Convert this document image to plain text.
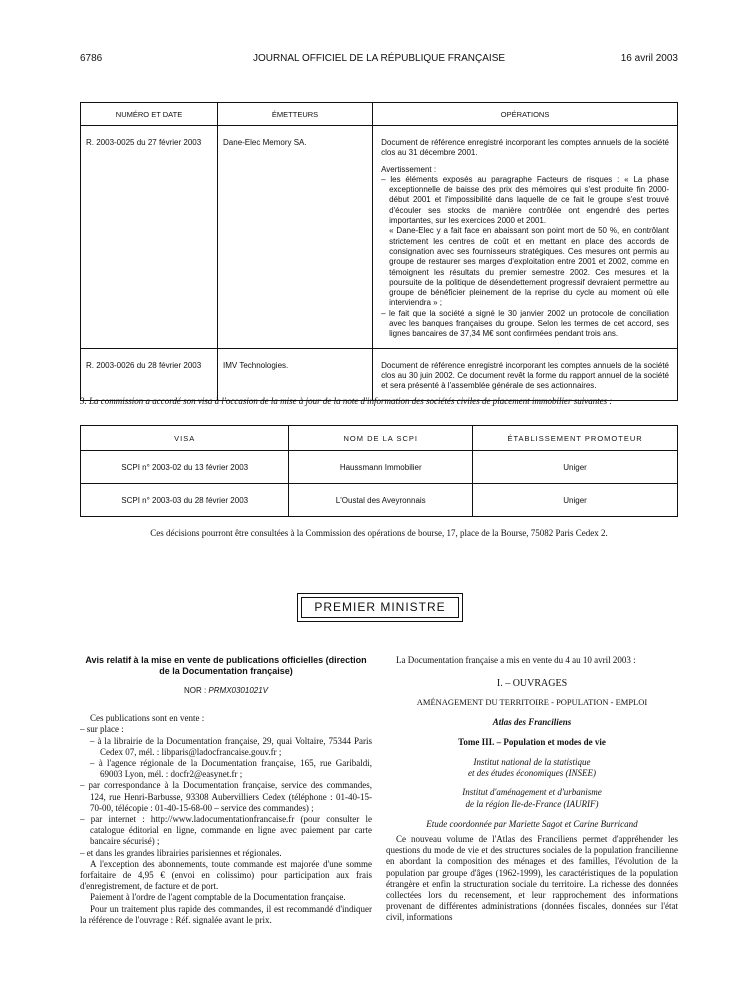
6786	JOURNAL OFFICIEL DE LA RÉPUBLIQUE FRANÇAISE	16 avril 2003
NUMÉRO ET DATE	ÉMETTEURS	OPÉRATIONS

R. 2003-0025 du 27 février 2003	Dane-Elec Memory SA.	Document de référence enregistré incorporant les comptes annuels de la société clos au 31 décembre 2001.

Avertissement :

– les éléments exposés au paragraphe Facteurs de risques : « La phase exceptionnelle de baisse des prix des mémoires qui s'est produite fin 2000-début 2001 et l'impossibilité dans laquelle de ce fait le groupe s'est trouvé d'écouler ses stocks de manière contrôlée ont engendré des pertes importantes, sur les exercices 2000 et 2001.

« Dane-Elec y a fait face en abaissant son point mort de 50 %, en contrôlant strictement les centres de coût et en mettant en place des accords de consignation avec ses fournisseurs stratégiques. Ces mesures ont permis au groupe de restaurer ses marges d'exploitation entre 2001 et 2002, comme en témoignent les résultats du premier semestre 2002. Ces mesures et la poursuite de la politique de désendettement progressif devraient permettre au groupe de bénéficier pleinement de la reprise du cycle au moment où elle interviendra » ;

– le fait que la société a signé le 30 janvier 2002 un protocole de conciliation avec les banques françaises du groupe. Selon les termes de cet accord, ses lignes bancaires de 37,34 M€ sont confirmées pendant trois ans.

R. 2003-0026 du 28 février 2003	IMV Technologies.	Document de référence enregistré incorporant les comptes annuels de la société clos au 30 juin 2002. Ce document revêt la forme du rapport annuel de la société et sera présenté à l'assemblée générale de ses actionnaires.
3. La commission a accordé son visa à l'occasion de la mise à jour de la note d'information des sociétés civiles de placement immobilier suivantes :
VISA	NOM DE LA SCPI	ÉTABLISSEMENT PROMOTEUR
SCPI n° 2003-02 du 13 février 2003	Haussmann Immobilier	Uniger
SCPI n° 2003-03 du 28 février 2003	L'Oustal des Aveyronnais	Uniger
Ces décisions pourront être consultées à la Commission des opérations de bourse, 17, place de la Bourse, 75082 Paris Cedex 2.
PREMIER MINISTRE
Avis relatif à la mise en vente de publications officielles (direction de la Documentation française)
NOR : PRMX0301021V

Ces publications sont en vente :

– sur place :

– à la librairie de la Documentation française, 29, quai Voltaire, 75344 Paris Cedex 07, mél. : libparis@ladocfrancaise.gouv.fr ;

– à l'agence régionale de la Documentation française, 165, rue Garibaldi, 69003 Lyon, mél. : docfr2@easynet.fr ;

– par correspondance à la Documentation française, service des commandes, 124, rue Henri-Barbusse, 93308 Aubervilliers Cedex (téléphone : 01-40-15-70-00, télécopie : 01-40-15-68-00 – service des commandes) ;

– par internet : http://www.ladocumentationfrancaise.fr (pour consulter le catalogue éditorial en ligne, commande en ligne avec paiement par carte bancaire sécurisé) ;

– et dans les grandes librairies parisiennes et régionales.

A l'exception des abonnements, toute commande est majorée d'une somme forfaitaire de 4,95 € (envoi en colissimo) pour participation aux frais d'enregistrement, de facture et de port.

Paiement à l'ordre de l'agent comptable de la Documentation française.

Pour un traitement plus rapide des commandes, il est recommandé d'indiquer la référence de l'ouvrage : Réf. signalée avant le prix.

La Documentation française a mis en vente du 4 au 10 avril 2003 :

I. – OUVRAGES

AMÉNAGEMENT DU TERRITOIRE - POPULATION - EMPLOI

Atlas des Franciliens

Tome III. – Population et modes de vie

Institut national de la statistique

et des études économiques (INSEE)

Institut d'aménagement et d'urbanisme

de la région Ile-de-France (IAURIF)

Etude coordonnée par Mariette Sagot et Carine Burricand

Ce nouveau volume de l'Atlas des Franciliens permet d'appréhender les questions du mode de vie et des structures sociales de la population francilienne en abordant la composition des ménages et des familles, l'évolution de la population par groupe d'âges (1962-1999), les caractéristiques de la population étrangère et enfin la structuration sociale du territoire. La richesse des données collectées lors du recensement, et leur rapprochement des informations provenant de différentes administrations (données fiscales, données sur l'état civil, informations
